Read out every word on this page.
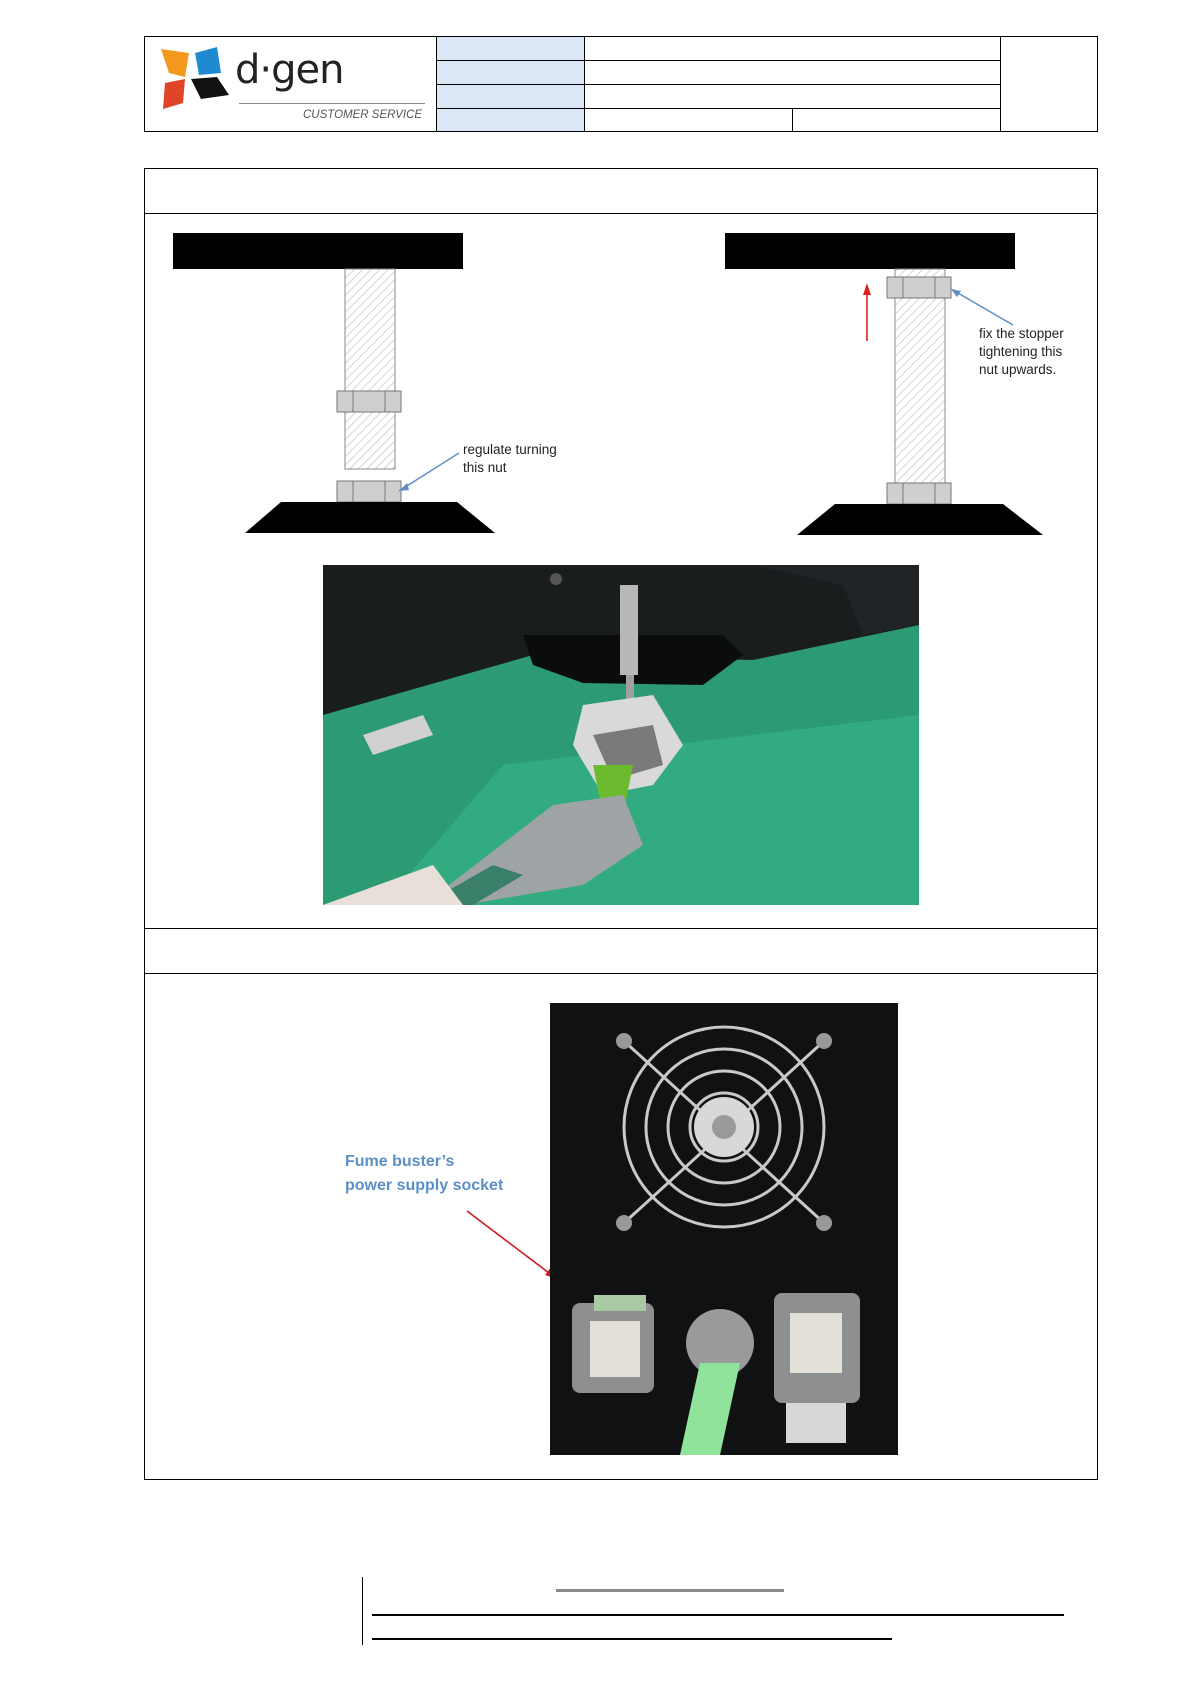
d·gen
CUSTOMER SERVICE
regulate turning
this nut
fix the stopper
tightening this
nut upwards.
Fume buster’s
power supply socket
